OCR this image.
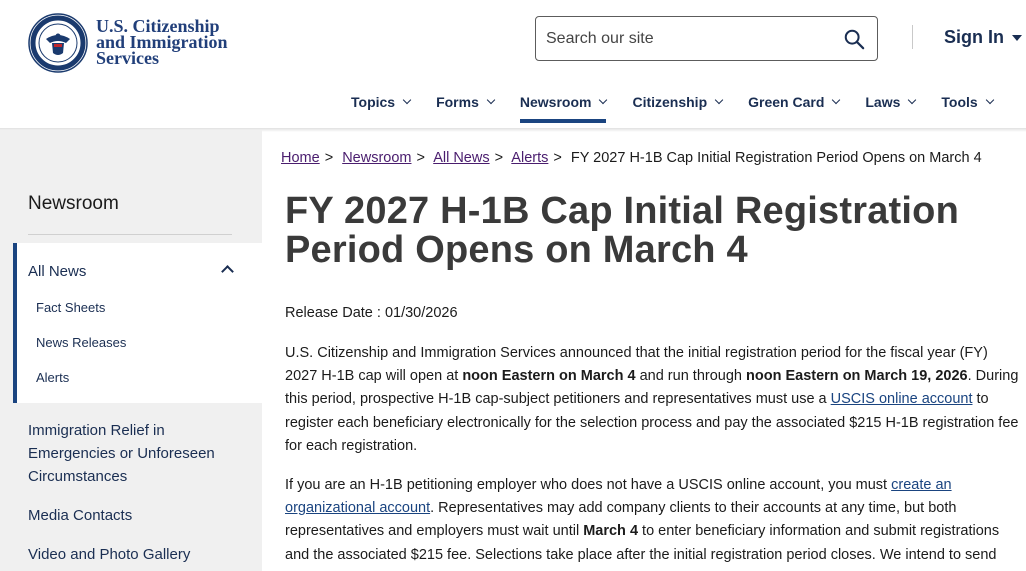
U.S. Citizenship
and Immigration
Services
Search our site
Sign In
Topics	Forms	Newsroom	Citizenship	Green Card	Laws	Tools
Newsroom
All News
Fact Sheets
News Releases
Alerts
Immigration Relief in Emergencies or Unforeseen Circumstances
Media Contacts
Video and Photo Gallery
Home > Newsroom > All News > Alerts > FY 2027 H-1B Cap Initial Registration Period Opens on March 4
FY 2027 H-1B Cap Initial Registration Period Opens on March 4
Release Date : 01/30/2026

U.S. Citizenship and Immigration Services announced that the initial registration period for the fiscal year (FY) 2027 H-1B cap will open at noon Eastern on March 4 and run through noon Eastern on March 19, 2026. During this period, prospective H-1B cap-subject petitioners and representatives must use a USCIS online account to register each beneficiary electronically for the selection process and pay the associated $215 H-1B registration fee for each registration.

If you are an H-1B petitioning employer who does not have a USCIS online account, you must create an organizational account. Representatives may add company clients to their accounts at any time, but both representatives and employers must wait until March 4 to enter beneficiary information and submit registrations and the associated $215 fee. Selections take place after the initial registration period closes. We intend to send
